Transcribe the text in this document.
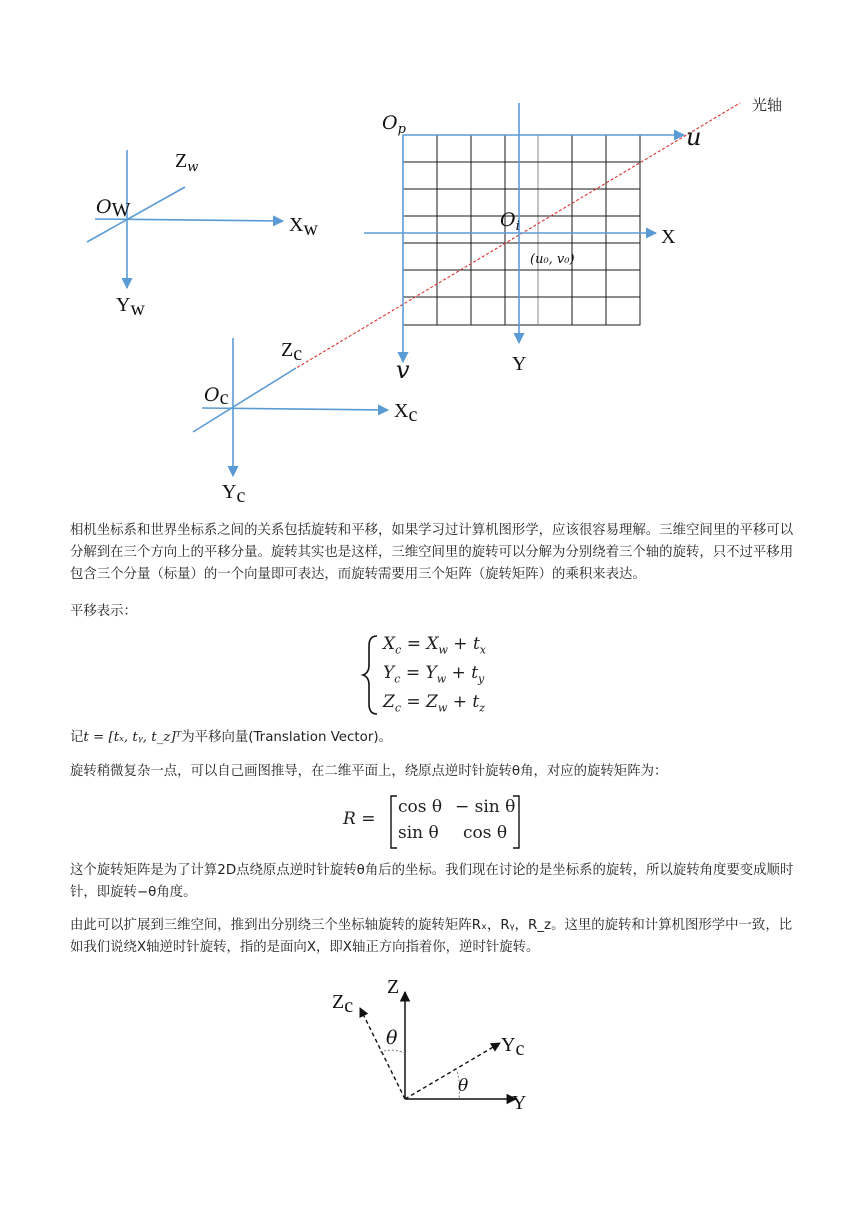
光轴
OW
$Z_w$
Xw
Yw
Oc
Zc
Xc
Yc
$O_p$
$O_i$
u
v
X
Y
(u₀, v₀)
相机坐标系和世界坐标系之间的关系包括旋转和平移，如果学习过计算机图形学，应该很容易理解。三维空间里的平移可以分解到在三个方向上的平移分量。旋转其实也是这样，三维空间里的旋转可以分解为分别绕着三个轴的旋转，只不过平移用包含三个分量（标量）的一个向量即可表达，而旋转需要用三个矩阵（旋转矩阵）的乘积来表达。
平移表示：
$X_c = X_w + t_x$
$Y_c = Y_w + t_y$
$Z_c = Z_w + t_z$
记t = [tₓ, tᵧ, t_z]ᵀ为平移向量(Translation Vector)。
旋转稍微复杂一点，可以自己画图推导，在二维平面上，绕原点逆时针旋转θ角，对应的旋转矩阵为：
R =
cos θ − sin θ
sin θ cos θ
这个旋转矩阵是为了计算2D点绕原点逆时针旋转θ角后的坐标。我们现在讨论的是坐标系的旋转，所以旋转角度要变成顺时针，即旋转−θ角度。
由此可以扩展到三维空间，推到出分别绕三个坐标轴旋转的旋转矩阵Rₓ，Rᵧ，R_z。这里的旋转和计算机图形学中一致，比如我们说绕X轴逆时针旋转，指的是面向X，即X轴正方向指着你，逆时针旋转。
Z
Y
Zc
Yc
θ
θ
